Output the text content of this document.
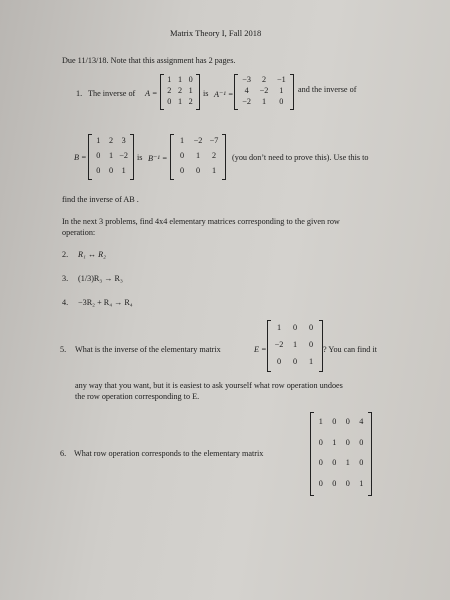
Matrix Theory I, Fall 2018
Due 11/13/18. Note that this assignment has 2 pages.
1. The inverse of A =
1 1 0
2 2 1
0 1 2
is A⁻¹ =
−3	2	−1
4	−2	1
−2	1	0
and the inverse of
B =
1	2	3
0	1 −2
0	0	1
is B⁻¹ =
1	−2 −7
0	1	2
0	0	1
(you don’t need to prove this). Use this to
find the inverse of AB .
In the next 3 problems, find 4x4 elementary matrices corresponding to the given row
operation:
2. R₁ ↔ R₂
3. (1/3)R₃ → R₃
4. −3R₂ + R₄ → R₄
5. What is the inverse of the elementary matrix	E =
1	0	0
−2	1	0
0	0	1
? You can find it
any way that you want, but it is easiest to ask yourself what row operation undoes
the row operation corresponding to E.
6. What row operation corresponds to the elementary matrix
1	0	0	4
0	1	0	0
0	0	1	0
0	0	0	1
